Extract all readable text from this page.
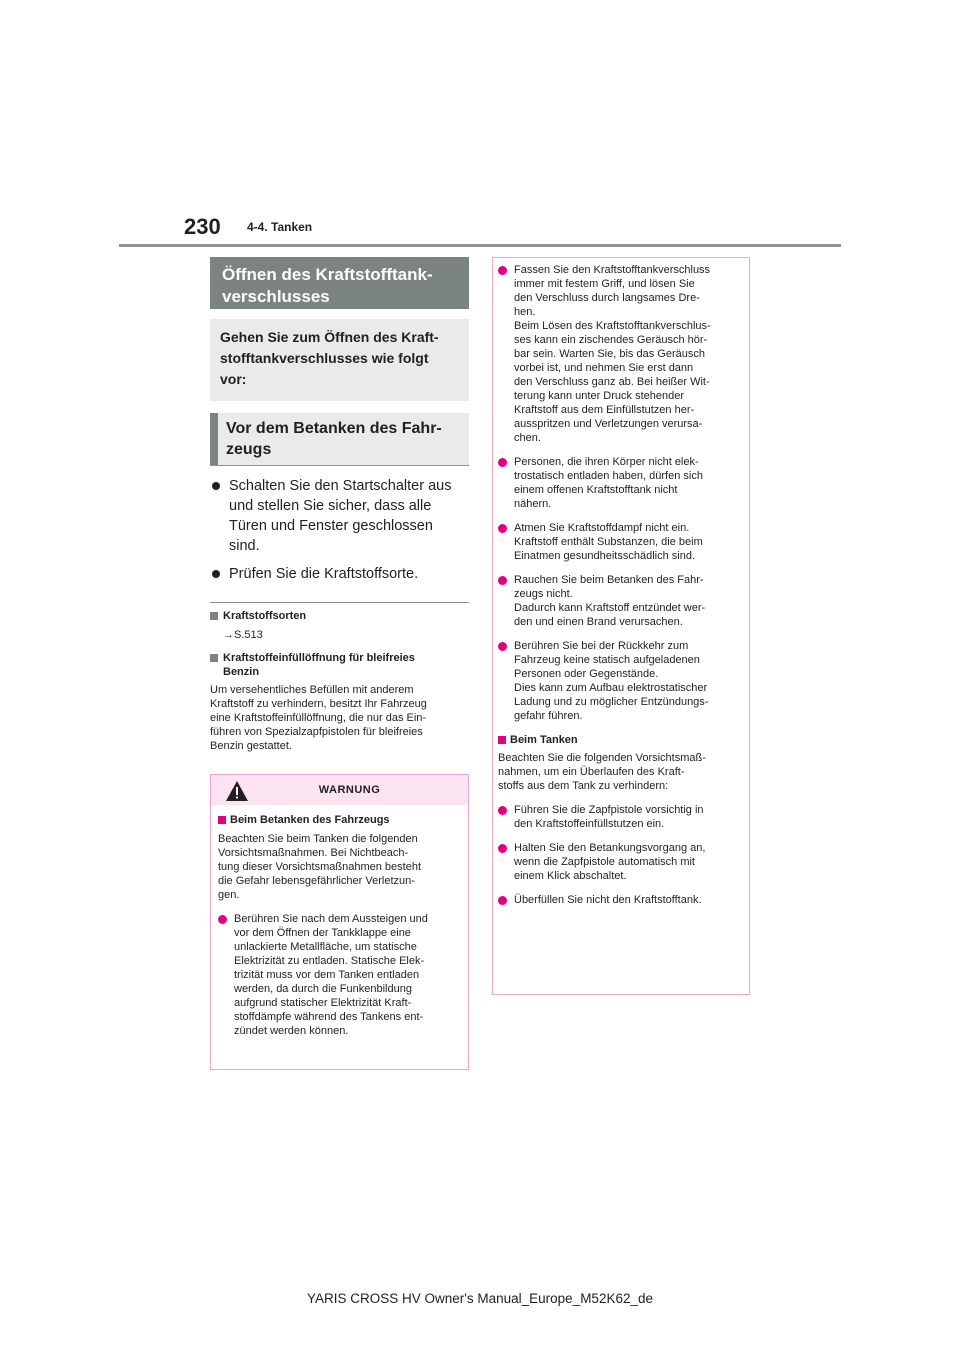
230 4-4. Tanken
Öffnen des Kraftstofftank-
verschlusses
Gehen Sie zum Öffnen des Kraft-
stofftankverschlusses wie folgt
vor:
Vor dem Betanken des Fahr-
zeugs
Schalten Sie den Startschalter aus
und stellen Sie sicher, dass alle
Türen und Fenster geschlossen
sind.
Prüfen Sie die Kraftstoffsorte.
Kraftstoffsorten
→S.513
Kraftstoffeinfüllöffnung für bleifreies
Benzin
Um versehentliches Befüllen mit anderem
Kraftstoff zu verhindern, besitzt Ihr Fahrzeug
eine Kraftstoffeinfüllöffnung, die nur das Ein-
führen von Spezialzapfpistolen für bleifreies
Benzin gestattet.
WARNUNG
Beim Betanken des Fahrzeugs
Beachten Sie beim Tanken die folgenden
Vorsichtsmaßnahmen. Bei Nichtbeach-
tung dieser Vorsichtsmaßnahmen besteht
die Gefahr lebensgefährlicher Verletzun-
gen.
Berühren Sie nach dem Aussteigen und
vor dem Öffnen der Tankklappe eine
unlackierte Metallfläche, um statische
Elektrizität zu entladen. Statische Elek-
trizität muss vor dem Tanken entladen
werden, da durch die Funkenbildung
aufgrund statischer Elektrizität Kraft-
stoffdämpfe während des Tankens ent-
zündet werden können.
Fassen Sie den Kraftstofftankverschluss
immer mit festem Griff, und lösen Sie
den Verschluss durch langsames Dre-
hen.
Beim Lösen des Kraftstofftankverschlus-
ses kann ein zischendes Geräusch hör-
bar sein. Warten Sie, bis das Geräusch
vorbei ist, und nehmen Sie erst dann
den Verschluss ganz ab. Bei heißer Wit-
terung kann unter Druck stehender
Kraftstoff aus dem Einfüllstutzen her-
ausspritzen und Verletzungen verursa-
chen.
Personen, die ihren Körper nicht elek-
trostatisch entladen haben, dürfen sich
einem offenen Kraftstofftank nicht
nähern.
Atmen Sie Kraftstoffdampf nicht ein.
Kraftstoff enthält Substanzen, die beim
Einatmen gesundheitsschädlich sind.
Rauchen Sie beim Betanken des Fahr-
zeugs nicht.
Dadurch kann Kraftstoff entzündet wer-
den und einen Brand verursachen.
Berühren Sie bei der Rückkehr zum
Fahrzeug keine statisch aufgeladenen
Personen oder Gegenstände.
Dies kann zum Aufbau elektrostatischer
Ladung und zu möglicher Entzündungs-
gefahr führen.
Beim Tanken
Beachten Sie die folgenden Vorsichtsmaß-
nahmen, um ein Überlaufen des Kraft-
stoffs aus dem Tank zu verhindern:
Führen Sie die Zapfpistole vorsichtig in
den Kraftstoffeinfüllstutzen ein.
Halten Sie den Betankungsvorgang an,
wenn die Zapfpistole automatisch mit
einem Klick abschaltet.
Überfüllen Sie nicht den Kraftstofftank.
YARIS CROSS HV Owner's Manual_Europe_M52K62_de
